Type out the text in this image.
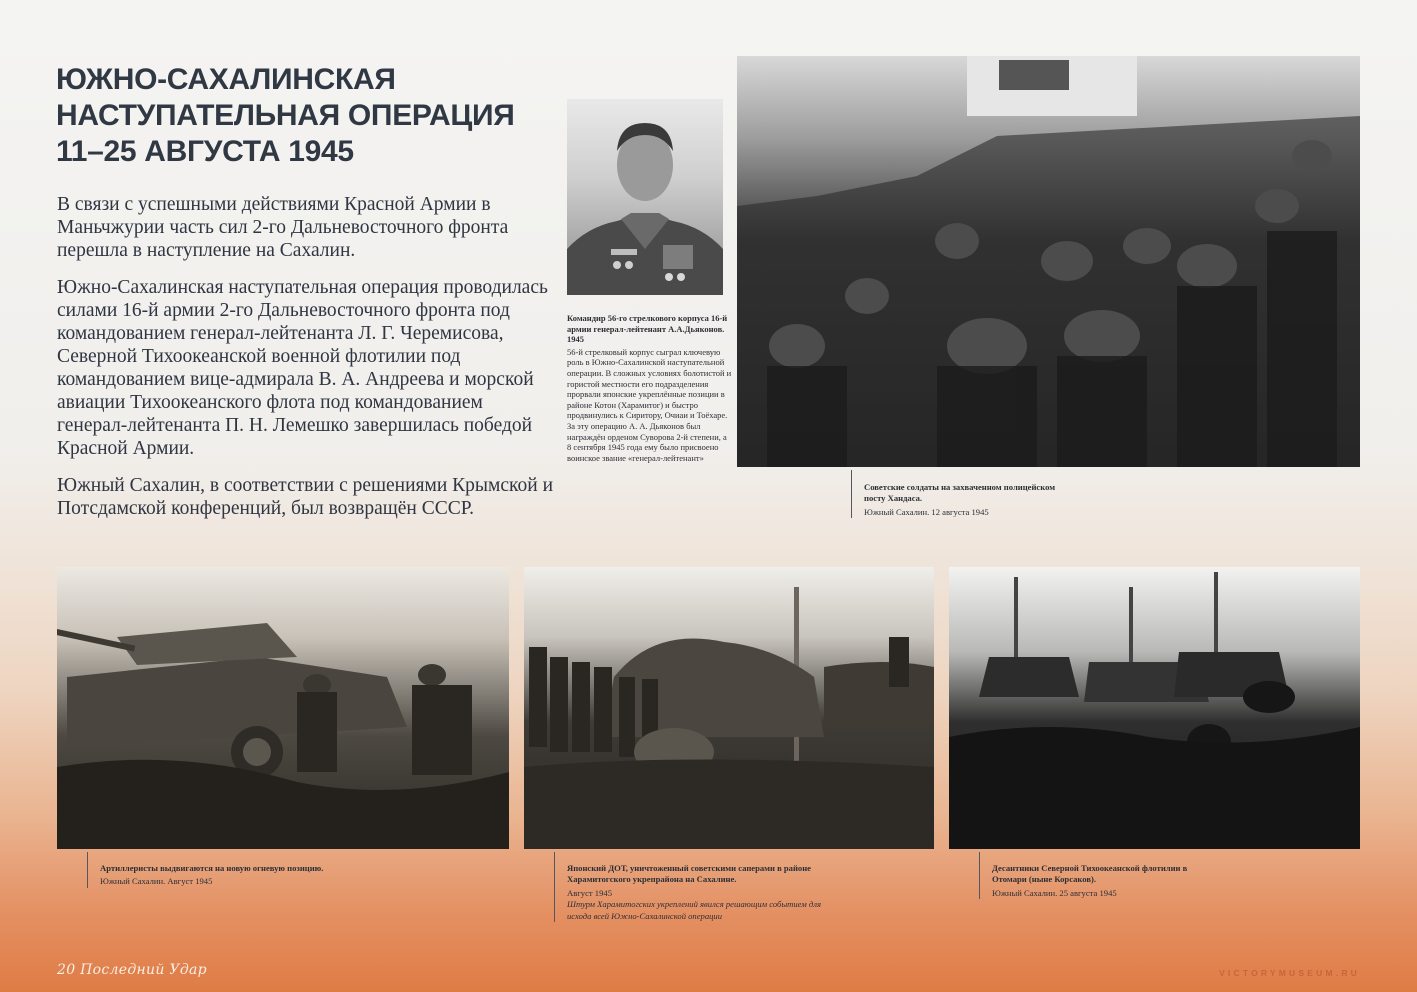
ЮЖНО-САХАЛИНСКАЯ
НАСТУПАТЕЛЬНАЯ ОПЕРАЦИЯ
11–25 АВГУСТА 1945

В связи с успешными действиями Красной Армии в Маньчжурии часть сил 2-го Дальневосточного фронта перешла в наступление на Сахалин.

Южно-Сахалинская наступательная операция проводилась силами 16-й армии 2-го Дальневосточного фронта под командованием генерал-лейтенанта Л. Г. Черемисова, Северной Тихоокеанской военной флотилии под командованием вице-адмирала В. А. Андреева и морской авиации Тихоокеанского флота под командованием генерал-лейтенанта П. Н. Лемешко завершилась победой Красной Армии.

Южный Сахалин, в соответствии с решениями Крымской и Потсдамской конференций, был возвращён СССР.

Командир 56-го стрелкового корпуса 16-й армии генерал-лейтенант А.А.Дьяконов. 1945

56-й стрелковый корпус сыграл ключевую роль в Южно-Сахалинской наступательной операции. В сложных условиях болотистой и гористой местности его подразделения прорвали японские укреплённые позиции в районе Котон (Харамитог) и быстро продвинулись к Сиритору, Очиаи и Тоёхаре. За эту операцию А. А. Дьяконов был награждён орденом Суворова 2-й степени, а 8 сентября 1945 года ему было присвоено воинское звание «генерал-лейтенант»

Советские солдаты на захваченном полицейском посту Хандаса.

Южный Сахалин. 12 августа 1945

Артиллеристы выдвигаются на новую огневую позицию.

Южный Сахалин. Август 1945

Японский ДОТ, уничтоженный советскими саперами в районе Харамитогского укрепрайона на Сахалине.

Август 1945

Штурм Харамитогских укреплений явился решающим событием для исхода всей Южно-Сахалинской операции

Десантники Северной Тихоокеанской флотилии в Отомари (ныне Корсаков).

Южный Сахалин. 25 августа 1945

20 Последний Удар	VICTORYMUSEUM.RU
